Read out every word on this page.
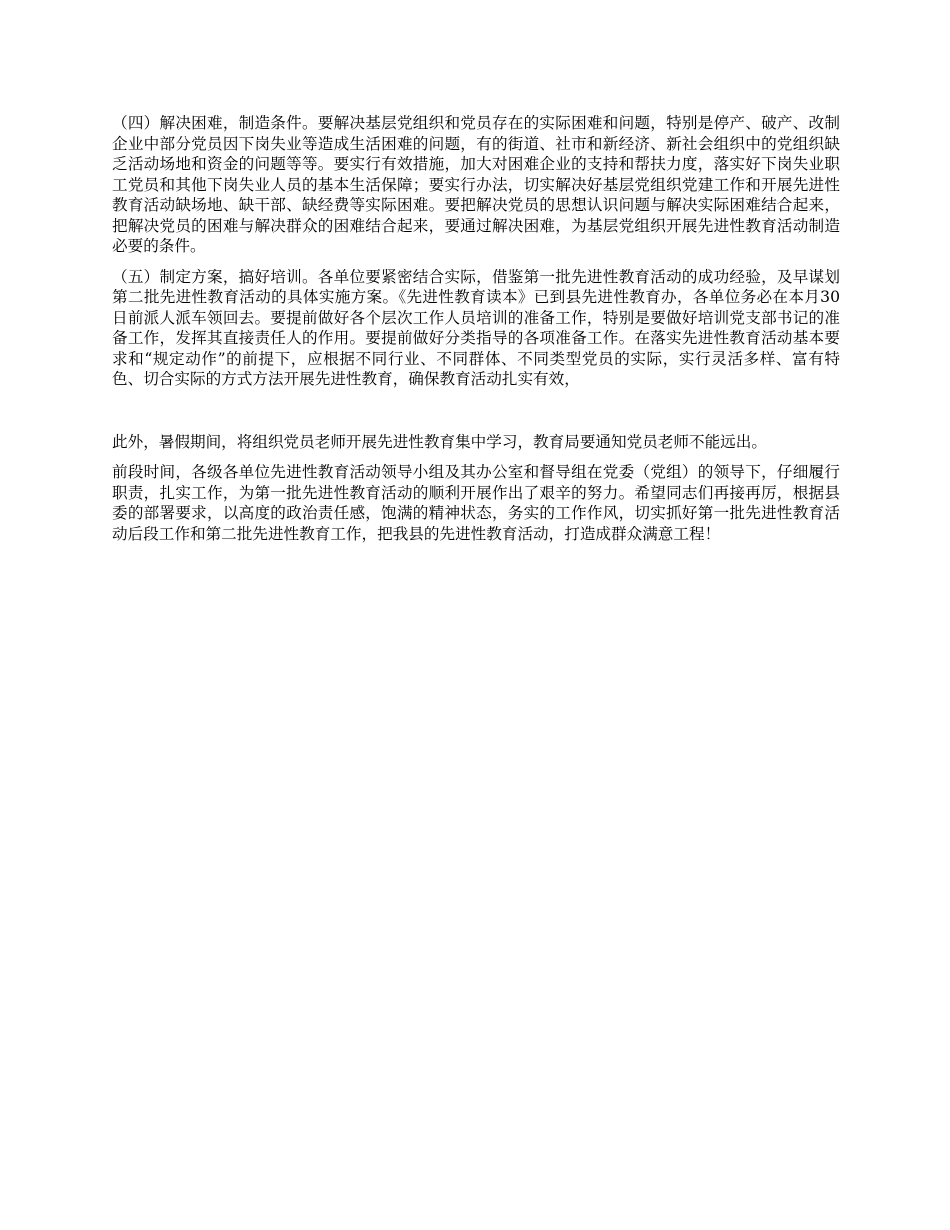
（四）解决困难，制造条件。要解决基层党组织和党员存在的实际困难和问题，特别是停产、破产、改制企业中部分党员因下岗失业等造成生活困难的问题，有的街道、社市和新经济、新社会组织中的党组织缺乏活动场地和资金的问题等等。要实行有效措施，加大对困难企业的支持和帮扶力度，落实好下岗失业职工党员和其他下岗失业人员的基本生活保障；要实行办法，切实解决好基层党组织党建工作和开展先进性教育活动缺场地、缺干部、缺经费等实际困难。要把解决党员的思想认识问题与解决实际困难结合起来，把解决党员的困难与解决群众的困难结合起来，要通过解决困难，为基层党组织开展先进性教育活动制造必要的条件。

（五）制定方案，搞好培训。各单位要紧密结合实际，借鉴第一批先进性教育活动的成功经验，及早谋划第二批先进性教育活动的具体实施方案。《先进性教育读本》已到县先进性教育办，各单位务必在本月30日前派人派车领回去。要提前做好各个层次工作人员培训的准备工作，特别是要做好培训党支部书记的准备工作，发挥其直接责任人的作用。要提前做好分类指导的各项准备工作。在落实先进性教育活动基本要求和“规定动作”的前提下，应根据不同行业、不同群体、不同类型党员的实际，实行灵活多样、富有特色、切合实际的方式方法开展先进性教育，确保教育活动扎实有效，

此外，暑假期间，将组织党员老师开展先进性教育集中学习，教育局要通知党员老师不能远出。

前段时间，各级各单位先进性教育活动领导小组及其办公室和督导组在党委（党组）的领导下，仔细履行职责，扎实工作，为第一批先进性教育活动的顺利开展作出了艰辛的努力。希望同志们再接再厉，根据县委的部署要求，以高度的政治责任感，饱满的精神状态，务实的工作作风，切实抓好第一批先进性教育活动后段工作和第二批先进性教育工作，把我县的先进性教育活动，打造成群众满意工程！
